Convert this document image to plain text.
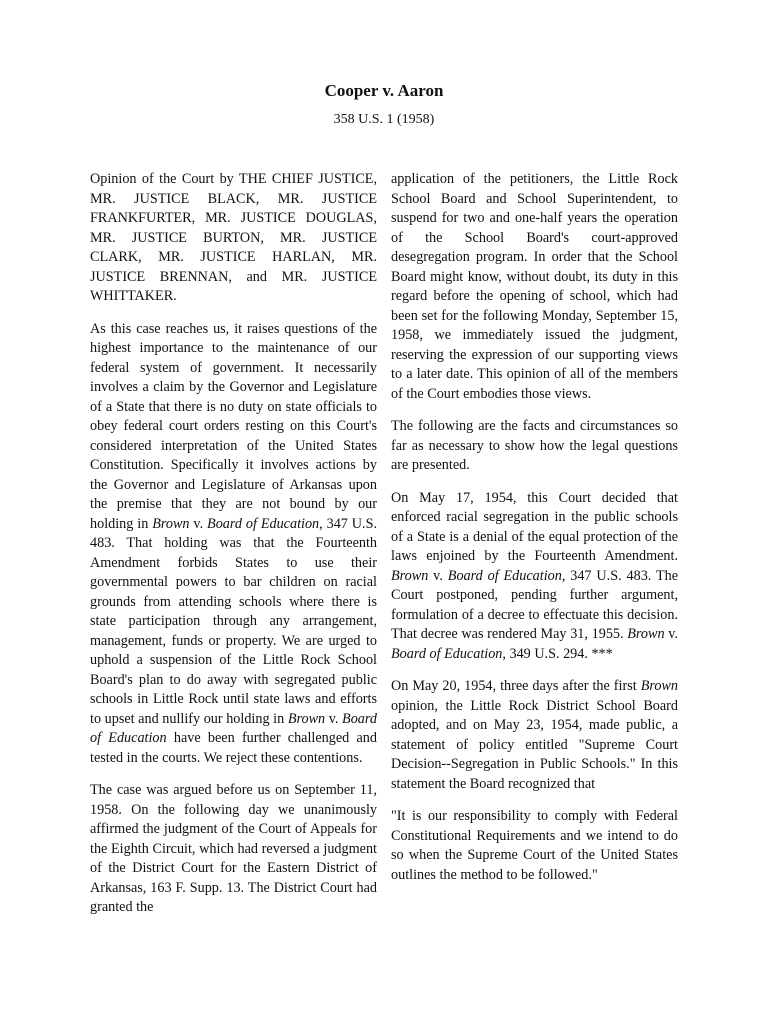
Cooper v. Aaron
358 U.S. 1 (1958)

Opinion of the Court by THE CHIEF JUSTICE, MR. JUSTICE BLACK, MR. JUSTICE FRANKFURTER, MR. JUSTICE DOUGLAS, MR. JUSTICE BURTON, MR. JUSTICE CLARK, MR. JUSTICE HARLAN, MR. JUSTICE BRENNAN, and MR. JUSTICE WHITTAKER.

As this case reaches us, it raises questions of the highest importance to the maintenance of our federal system of government. It necessarily involves a claim by the Governor and Legislature of a State that there is no duty on state officials to obey federal court orders resting on this Court's considered interpretation of the United States Constitution. Specifically it involves actions by the Governor and Legislature of Arkansas upon the premise that they are not bound by our holding in Brown v. Board of Education, 347 U.S. 483. That holding was that the Fourteenth Amendment forbids States to use their governmental powers to bar children on racial grounds from attending schools where there is state participation through any arrangement, management, funds or property. We are urged to uphold a suspension of the Little Rock School Board's plan to do away with segregated public schools in Little Rock until state laws and efforts to upset and nullify our holding in Brown v. Board of Education have been further challenged and tested in the courts. We reject these contentions.

The case was argued before us on September 11, 1958. On the following day we unanimously affirmed the judgment of the Court of Appeals for the Eighth Circuit, which had reversed a judgment of the District Court for the Eastern District of Arkansas, 163 F. Supp. 13. The District Court had granted the

application of the petitioners, the Little Rock School Board and School Superintendent, to suspend for two and one-half years the operation of the School Board's court-approved desegregation program. In order that the School Board might know, without doubt, its duty in this regard before the opening of school, which had been set for the following Monday, September 15, 1958, we immediately issued the judgment, reserving the expression of our supporting views to a later date. This opinion of all of the members of the Court embodies those views.

The following are the facts and circumstances so far as necessary to show how the legal questions are presented.

On May 17, 1954, this Court decided that enforced racial segregation in the public schools of a State is a denial of the equal protection of the laws enjoined by the Fourteenth Amendment. Brown v. Board of Education, 347 U.S. 483. The Court postponed, pending further argument, formulation of a decree to effectuate this decision. That decree was rendered May 31, 1955. Brown v. Board of Education, 349 U.S. 294. ***

On May 20, 1954, three days after the first Brown opinion, the Little Rock District School Board adopted, and on May 23, 1954, made public, a statement of policy entitled "Supreme Court Decision--Segregation in Public Schools." In this statement the Board recognized that

"It is our responsibility to comply with Federal Constitutional Requirements and we intend to do so when the Supreme Court of the United States outlines the method to be followed."
